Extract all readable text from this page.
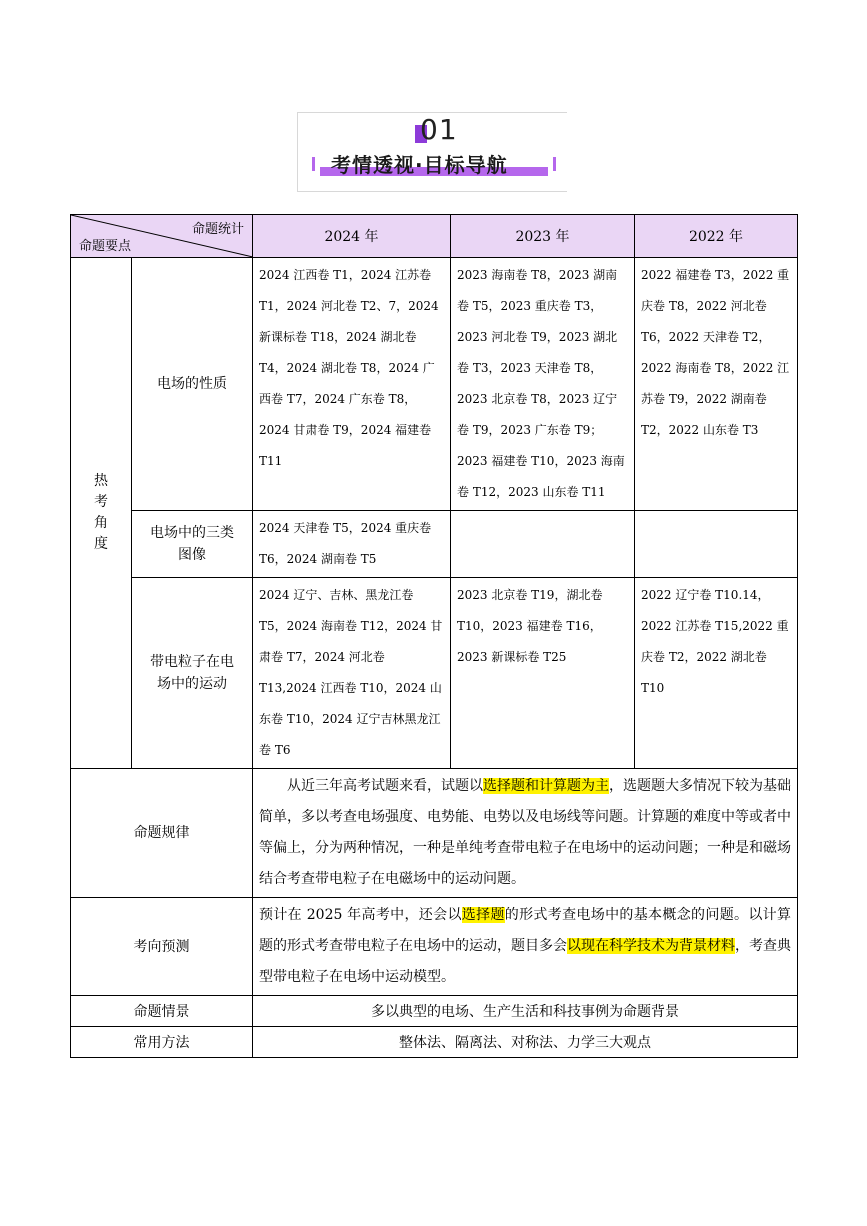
01
考情透视·目标导航
命题统计
命题要点		2024 年	2023 年	2022 年

热考角度	电场的性质	2024 江西卷 T1，2024 江苏卷 T1，2024 河北卷 T2、7，2024 新课标卷 T18，2024 湖北卷 T4，2024 湖北卷 T8，2024 广西卷 T7，2024 广东卷 T8，2024 甘肃卷 T9，2024 福建卷 T11	2023 海南卷 T8，2023 湖南卷 T5，2023 重庆卷 T3，2023 河北卷 T9，2023 湖北卷 T3，2023 天津卷 T8，2023 北京卷 T8，2023 辽宁卷 T9，2023 广东卷 T9；2023 福建卷 T10，2023 海南卷 T12，2023 山东卷 T11	2022 福建卷 T3，2022 重庆卷 T8，2022 河北卷 T6，2022 天津卷 T2，2022 海南卷 T8，2022 江苏卷 T9，2022 湖南卷 T2，2022 山东卷 T3

	电场中的三类图像	2024 天津卷 T5，2024 重庆卷 T6，2024 湖南卷 T5		

	带电粒子在电场中的运动	2024 辽宁、吉林、黑龙江卷 T5，2024 海南卷 T12，2024 甘肃卷 T7，2024 河北卷 T13,2024 江西卷 T10，2024 山东卷 T10，2024 辽宁吉林黑龙江卷 T6	2023 北京卷 T19，湖北卷 T10，2023 福建卷 T16，2023 新课标卷 T25	2022 辽宁卷 T10.14，2022 江苏卷 T15,2022 重庆卷 T2，2022 湖北卷 T10
命题规律		从近三年高考试题来看，试题以选择题和计算题为主，选题题大多情况下较为基础简单，多以考查电场强度、电势能、电势以及电场线等问题。计算题的难度中等或者中等偏上，分为两种情况，一种是单纯考查带电粒子在电场中的运动问题；一种是和磁场结合考查带电粒子在电磁场中的运动问题。		
考向预测		预计在 2025 年高考中，还会以选择题的形式考查电场中的基本概念的问题。以计算题的形式考查带电粒子在电场中的运动，题目多会以现在科学技术为背景材料，考查典型带电粒子在电场中运动模型。		
命题情景		多以典型的电场、生产生活和科技事例为命题背景		
常用方法		整体法、隔离法、对称法、力学三大观点		
